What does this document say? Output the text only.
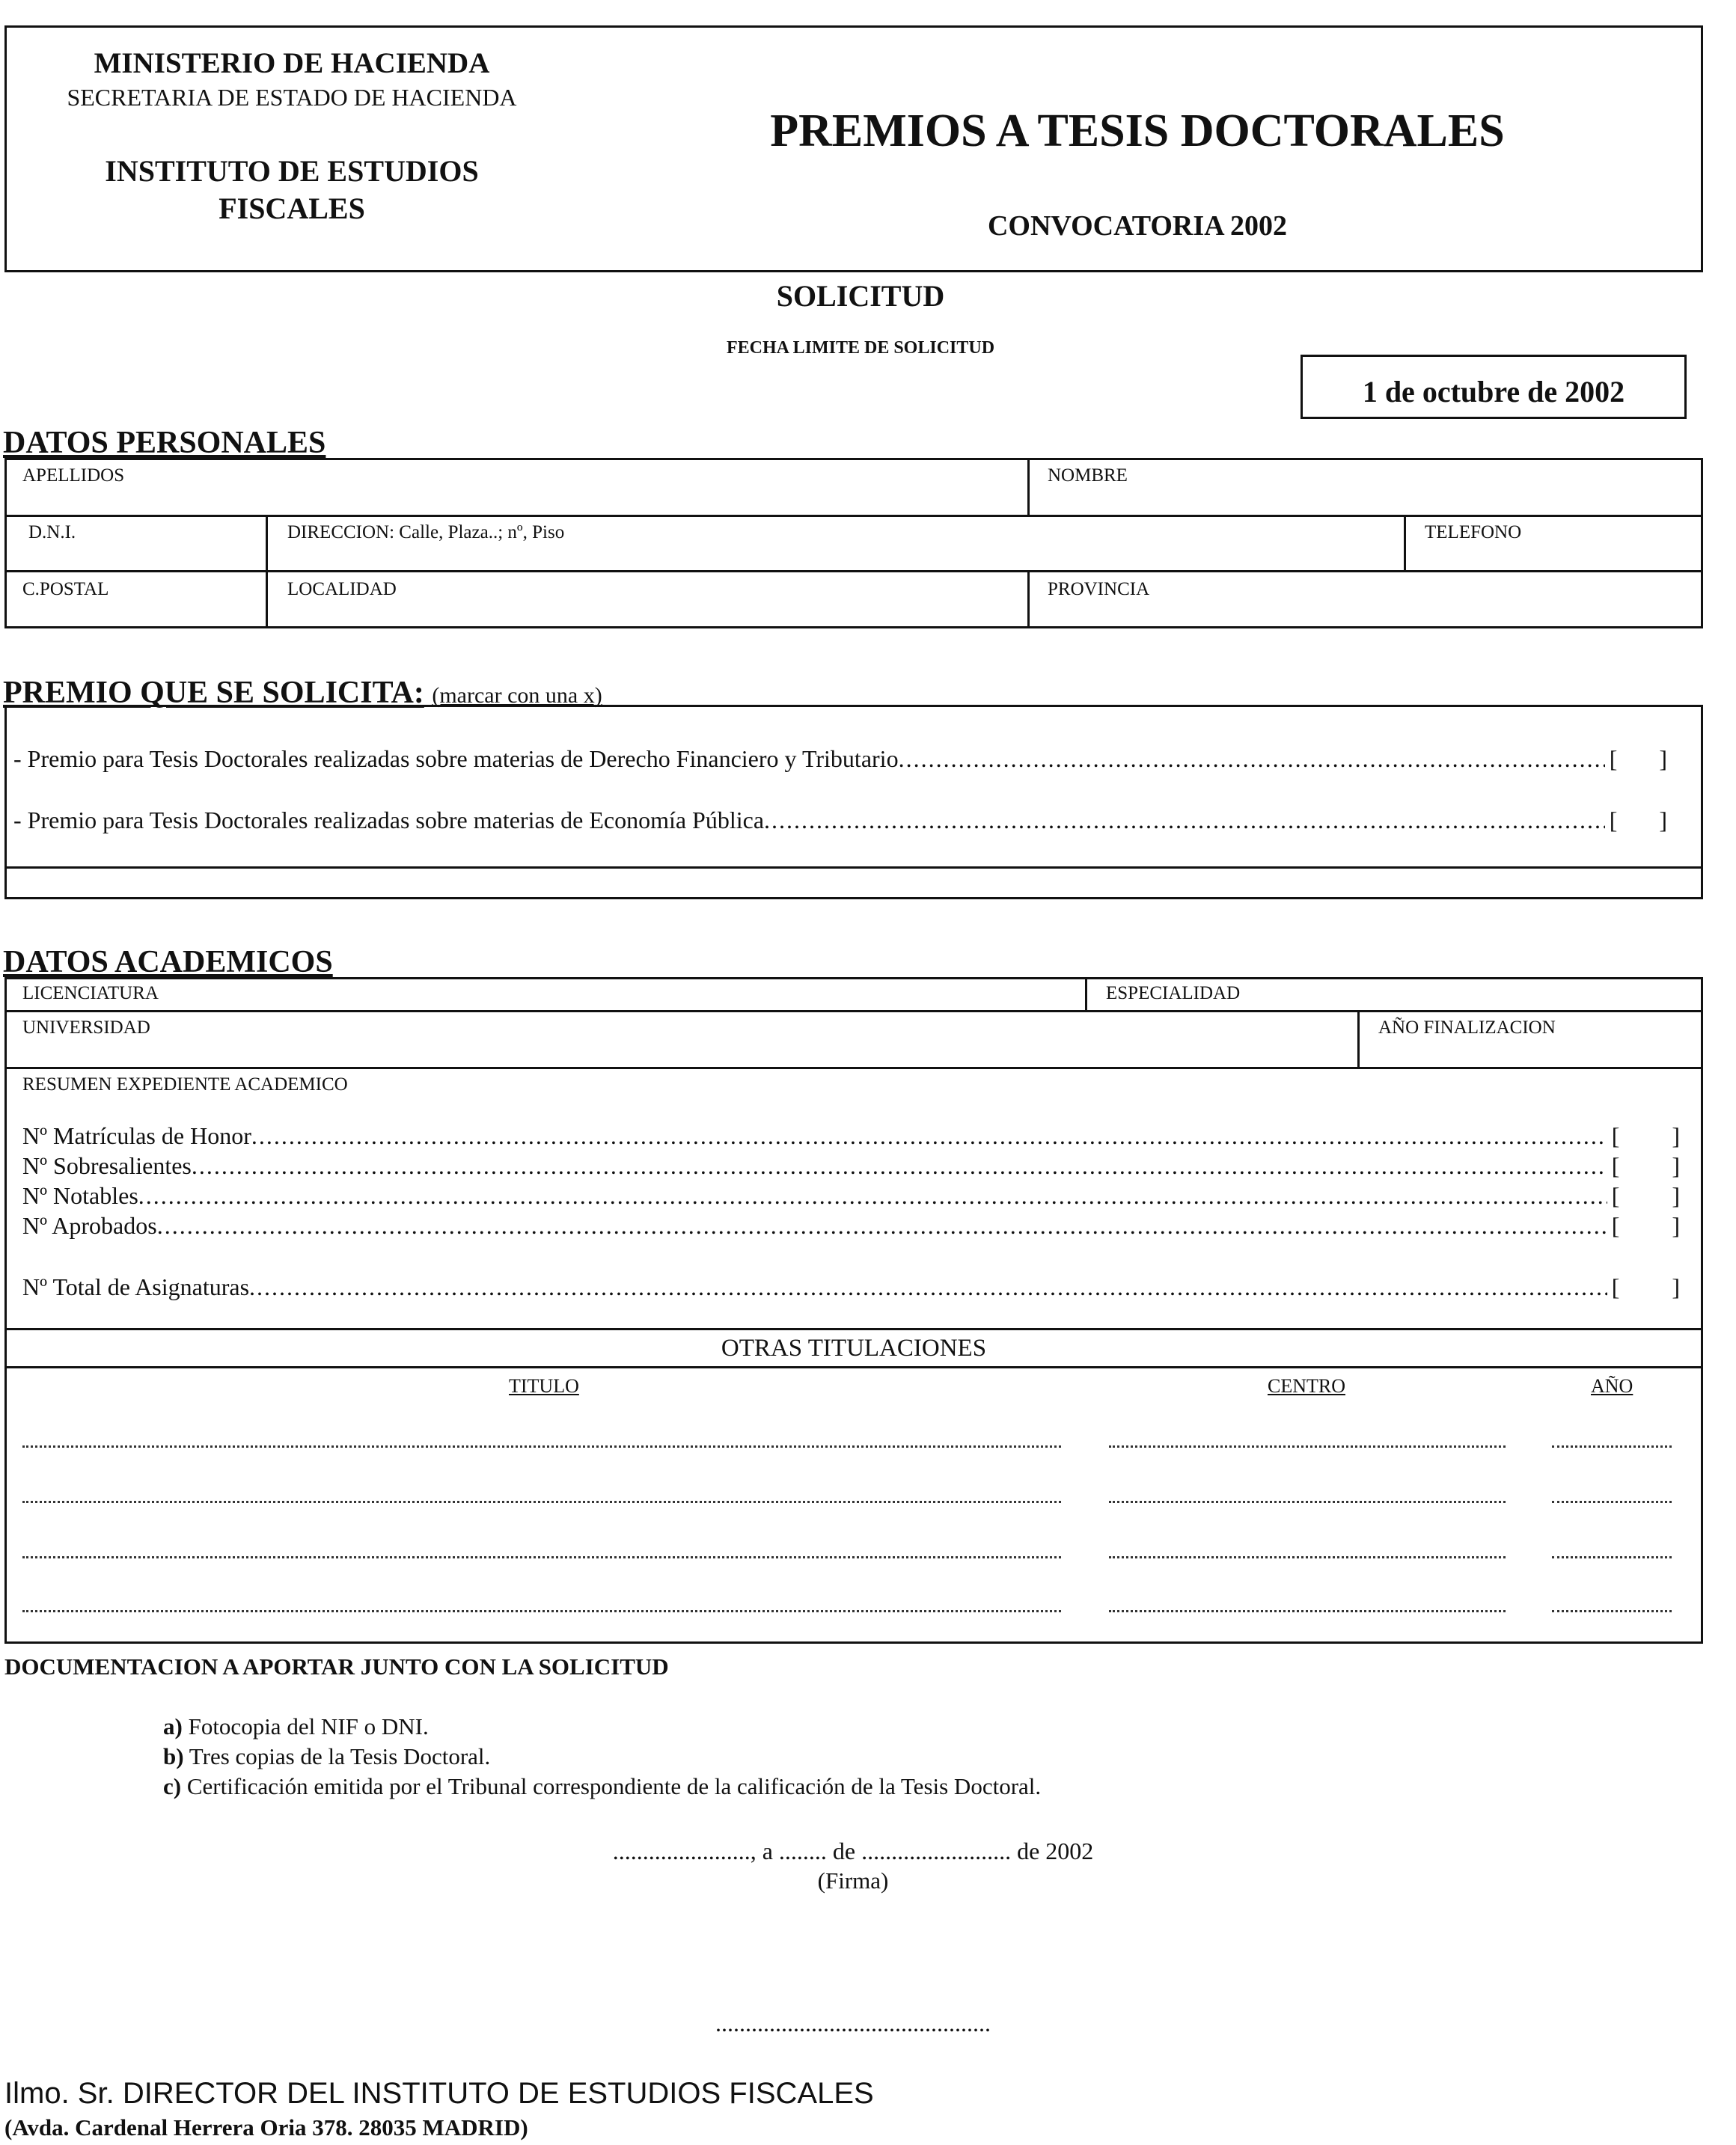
MINISTERIO DE HACIENDA
SECRETARIA DE ESTADO DE HACIENDA
INSTITUTO DE ESTUDIOS
FISCALES
PREMIOS A TESIS DOCTORALES
CONVOCATORIA 2002
SOLICITUD
FECHA LIMITE DE SOLICITUD
1 de octubre de 2002
DATOS PERSONALES
APELLIDOS	NOMBRE
D.N.I.	DIRECCION: Calle, Plaza..; nº, Piso	TELEFONO
C.POSTAL	LOCALIDAD	PROVINCIA
PREMIO QUE SE SOLICITA: (marcar con una x)
- Premio para Tesis Doctorales realizadas sobre materias de Derecho Financiero y Tributario .....	[ ]
- Premio para Tesis Doctorales realizadas sobre materias de Economía Pública .....	[ ]
DATOS ACADEMICOS
LICENCIATURA	ESPECIALIDAD
UNIVERSIDAD	AÑO FINALIZACION
RESUMEN EXPEDIENTE ACADEMICO
Nº Matrículas de Honor .....	[ ]
Nº Sobresalientes .....	[ ]
Nº Notables .....	[ ]
Nº Aprobados .....	[ ]
Nº Total de Asignaturas .....	[ ]
OTRAS TITULACIONES
TITULO	CENTRO	AÑO
DOCUMENTACION A APORTAR JUNTO CON LA SOLICITUD
a) Fotocopia del NIF o DNI.
b) Tres copias de la Tesis Doctoral.
c) Certificación emitida por el Tribunal correspondiente de la calificación de la Tesis Doctoral.
......................., a ........ de ......................... de 2002
(Firma)
..............................................
Ilmo. Sr. DIRECTOR DEL INSTITUTO DE ESTUDIOS FISCALES
(Avda. Cardenal Herrera Oria 378. 28035 MADRID)
